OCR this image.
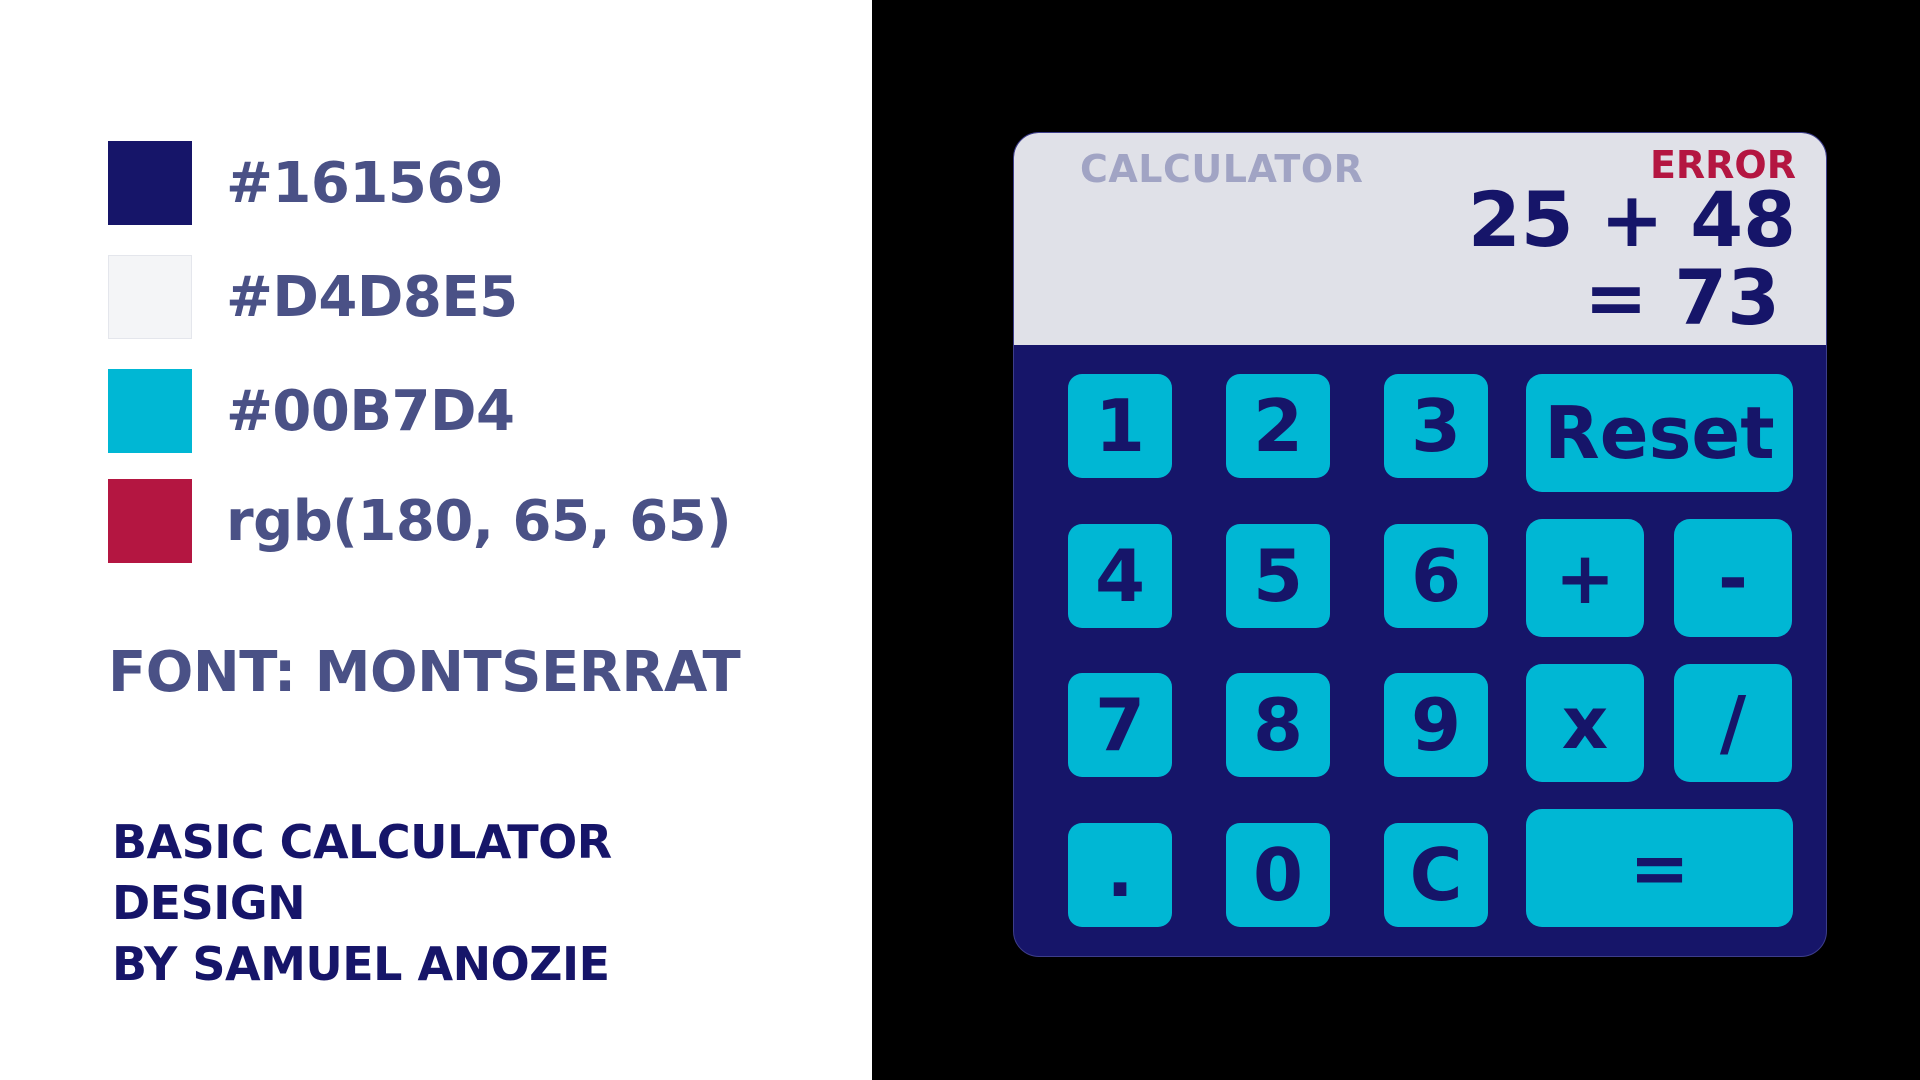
#161569
#D4D8E5
#00B7D4
rgb(180, 65, 65)
FONT: MONTSERRAT
BASIC CALCULATOR
DESIGN
BY SAMUEL ANOZIE
CALCULATOR	ERROR
25 + 48
= 73
1	2	3	Reset
4	5	6	+	-
7	8	9	x	/
.	0	C	=
